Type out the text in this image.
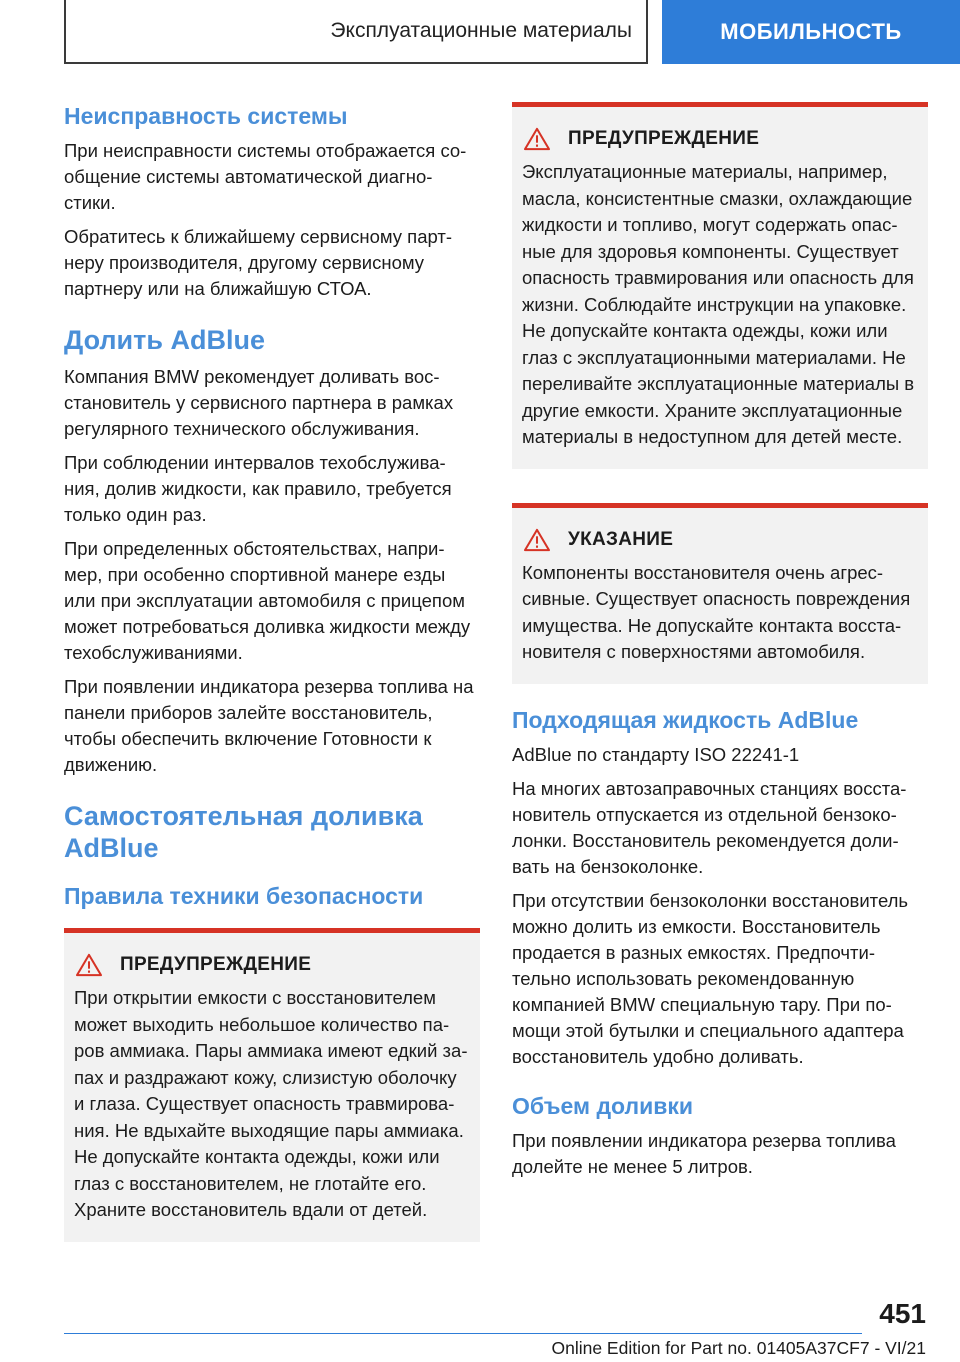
Эксплуатационные материалы	МОБИЛЬНОСТЬ
Неисправность системы

При неисправности системы отображается со-общение системы автоматической диагно-стики.

Обратитесь к ближайшему сервисному парт-неру производителя, другому сервисному партнеру или на ближайшую СТОА.

Долить AdBlue

Компания BMW рекомендует доливать вос-становитель у сервисного партнера в рамках регулярного технического обслуживания.

При соблюдении интервалов техобслужива-ния, долив жидкости, как правило, требуется только один раз.

При определенных обстоятельствах, напри-мер, при особенно спортивной манере езды или при эксплуатации автомобиля с прицепом может потребоваться доливка жидкости между техобслуживаниями.

При появлении индикатора резерва топлива на панели приборов залейте восстановитель, чтобы обеспечить включение Готовности к движению.

Самостоятельная доливка AdBlue
Правила техники безопасности
ПРЕДУПРЕЖДЕНИЕ

При открытии емкости с восстановителем может выходить небольшое количество па-ров аммиака. Пары аммиака имеют едкий за-пах и раздражают кожу, слизистую оболочку и глаза. Существует опасность травмирова-ния. Не вдыхайте выходящие пары аммиака. Не допускайте контакта одежды, кожи или глаз с восстановителем, не глотайте его. Храните восстановитель вдали от детей.

ПРЕДУПРЕЖДЕНИЕ

Эксплуатационные материалы, например, масла, консистентные смазки, охлаждающие жидкости и топливо, могут содержать опас-ные для здоровья компоненты. Существует опасность травмирования или опасность для жизни. Соблюдайте инструкции на упаковке. Не допускайте контакта одежды, кожи или глаз с эксплуатационными материалами. Не переливайте эксплуатационные материалы в другие емкости. Храните эксплуатационные материалы в недоступном для детей месте.

УКАЗАНИЕ

Компоненты восстановителя очень агрес-сивные. Существует опасность повреждения имущества. Не допускайте контакта восста-новителя с поверхностями автомобиля.

Подходящая жидкость AdBlue

AdBlue по стандарту ISO 22241-1

На многих автозаправочных станциях восста-новитель отпускается из отдельной бензоко-лонки. Восстановитель рекомендуется доли-вать на бензоколонке.

При отсутствии бензоколонки восстановитель можно долить из емкости. Восстановитель продается в разных емкостях. Предпочти-тельно использовать рекомендованную компанией BMW специальную тару. При по-мощи этой бутылки и специального адаптера восстановитель удобно доливать.

Объем доливки

При появлении индикатора резерва топлива долейте не менее 5 литров.

451
Online Edition for Part no. 01405A37CF7 - VI/21
